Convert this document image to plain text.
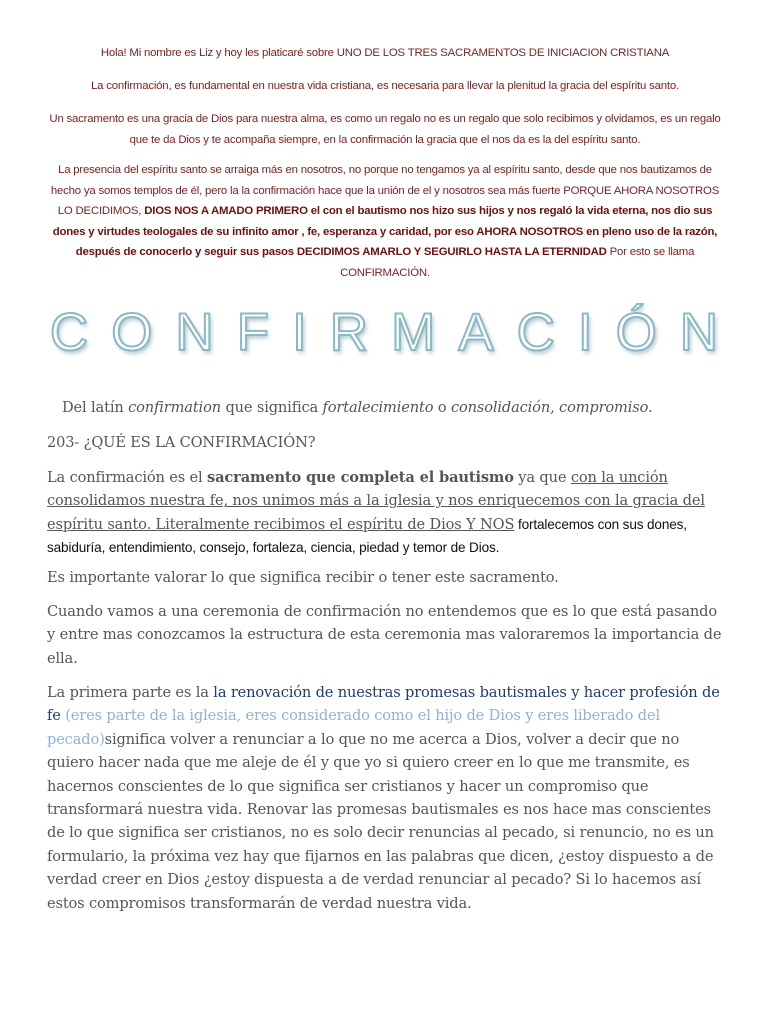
Hola! Mi nombre es Liz y hoy les platicaré sobre UNO DE LOS TRES SACRAMENTOS DE INICIACION CRISTIANA
La confirmación, es fundamental en nuestra vida cristiana, es necesaria para llevar la plenitud la gracia del espíritu santo.
Un sacramento es una gracia de Dios para nuestra alma, es como un regalo no es un regalo que solo recibimos y olvidamos, es un regalo que te da Dios y te acompaña siempre, en la confirmación la gracia que el nos da es la del espíritu santo.
La presencia del espíritu santo se arraiga más en nosotros, no porque no tengamos ya al espíritu santo, desde que nos bautizamos de hecho ya somos templos de él, pero la la confirmación hace que la unión de el y nosotros sea más fuerte PORQUE AHORA NOSOTROS LO DECIDIMOS, DIOS NOS A AMADO PRIMERO el con el bautismo nos hizo sus hijos y nos regaló la vida eterna, nos dio sus dones y virtudes teologales de su infinito amor , fe, esperanza y caridad, por eso AHORA NOSOTROS en pleno uso de la razón, después de conocerlo y seguir sus pasos DECIDIMOS AMARLO Y SEGUIRLO HASTA LA ETERNIDAD Por esto se llama CONFIRMACIÓN.
CONFIRMACIÓN
Del latín confirmation que significa fortalecimiento o consolidación, compromiso.
203- ¿QUÉ ES LA CONFIRMACIÓN?
La confirmación es el sacramento que completa el bautismo ya que con la unción consolidamos nuestra fe, nos unimos más a la iglesia y nos enriquecemos con la gracia del espíritu santo. Literalmente recibimos el espíritu de Dios Y NOS fortalecemos con sus dones, sabiduría, entendimiento, consejo, fortaleza, ciencia, piedad y temor de Dios.
Es importante valorar lo que significa recibir o tener este sacramento.
Cuando vamos a una ceremonia de confirmación no entendemos que es lo que está pasando y entre mas conozcamos la estructura de esta ceremonia mas valoraremos la importancia de ella.
La primera parte es la la renovación de nuestras promesas bautismales y hacer profesión de fe (eres parte de la iglesia, eres considerado como el hijo de Dios y eres liberado del pecado)significa volver a renunciar a lo que no me acerca a Dios, volver a decir que no quiero hacer nada que me aleje de él y que yo si quiero creer en lo que me transmite, es hacernos conscientes de lo que significa ser cristianos y hacer un compromiso que transformará nuestra vida. Renovar las promesas bautismales es nos hace mas conscientes de lo que significa ser cristianos, no es solo decir renuncias al pecado, si renuncio, no es un formulario, la próxima vez hay que fijarnos en las palabras que dicen, ¿estoy dispuesto a de verdad creer en Dios ¿estoy dispuesta a de verdad renunciar al pecado? Si lo hacemos así estos compromisos transformarán de verdad nuestra vida.
